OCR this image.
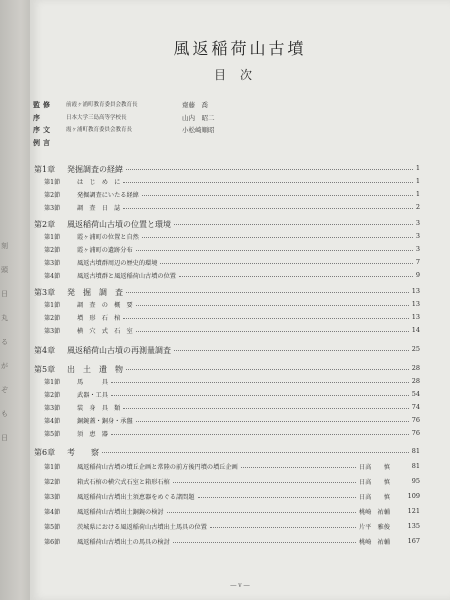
刻
頭
日
丸
る
が
ぞ
も
日
風返稲荷山古墳
目次
監修 前霞ヶ浦町教育委員会教育長	齋藤　喬
序	日本大学三島高等学校長	山内　昭二
序文 霞ヶ浦町教育委員会教育長	小松崎順昭
例言
第1章 発掘調査の経緯	1
第1節	は　じ　め　に	1
第2節	発掘調査にいたる経緯	1
第3節	調　査　日　誌	2
第2章 風返稲荷山古墳の位置と環境	3
第1節	霞ヶ浦町の位置と自然	3
第2節	霞ヶ浦町の遺跡分布	3
第3節	風返古墳群周辺の歴史的環境	7
第4節	風返古墳群と風返稲荷山古墳の位置	9
第3章 発　掘　調　査	13
第1節	調　査　の　概　要	13
第2節	墳　形　石　棺	13
第3節	横　穴　式　石　室	14
第4章 風返稲荷山古墳の再測量調査	25
第5章 出　土　遺　物	28
第1節	馬　　　具	28
第2節	武器・工具	54
第3節	装　身　具　類	74
第4節	銅鋺蓋・銅身・承盤	76
第5節	須　恵　器	76
第6章 考　　察	81
第1節	風返稲荷山古墳の墳丘企画と常陸の前方後円墳の墳丘企画	日高　　慎	81
第2節	箱式石棺の横穴式石室と箱形石棺	日高　　慎	95
第3節	風返稲荷山古墳出土須恵器をめぐる諸問題	日高　　慎	109
第4節	風返稲荷山古墳出土銅鋺の検討	桃崎　祐輔	121
第5節	茨城県における風返稲荷山古墳出土馬具の位置	片平　雅俊	135
第6節	風返稲荷山古墳出土の馬具の検討	桃崎　祐輔	167
― ⅴ ―
